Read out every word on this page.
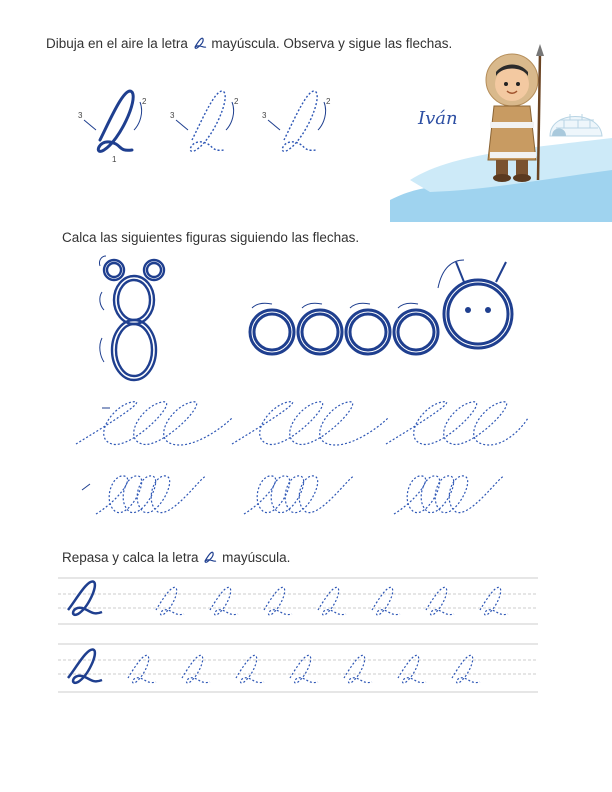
Dibuja en el aire la letra mayúscula. Observa y sigue las flechas.
3
2
1
3
2
3
2
Iván
Calca las siguientes figuras siguiendo las flechas.
Repasa y calca la letra mayúscula.
